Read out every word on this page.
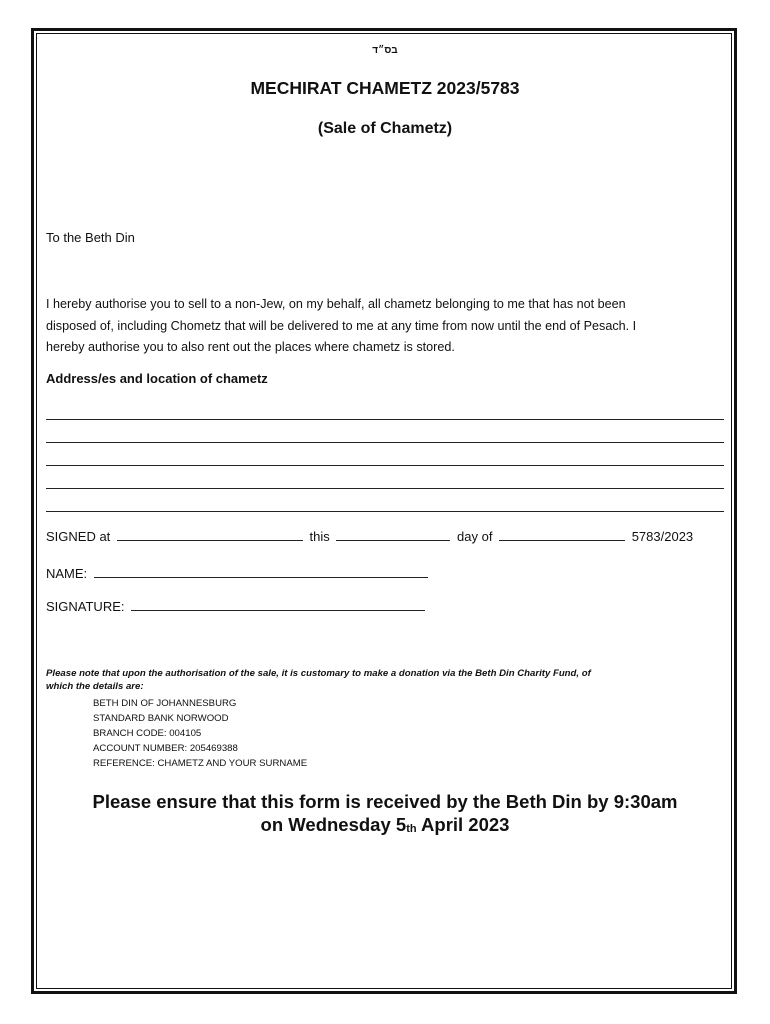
בס״ד
MECHIRAT CHAMETZ 2023/5783
(Sale of Chametz)
To the Beth Din
I hereby authorise you to sell to a non-Jew, on my behalf, all chametz belonging to me that has not been
disposed of, including Chometz that will be delivered to me at any time from now until the end of Pesach. I
hereby authorise you to also rent out the places where chametz is stored.
Address/es and location of chametz
SIGNED at	this	day of	5783/2023
NAME:
SIGNATURE:
Please note that upon the authorisation of the sale, it is customary to make a donation via the Beth Din Charity Fund, of
which the details are:
BETH DIN OF JOHANNESBURG
STANDARD BANK NORWOOD
BRANCH CODE: 004105
ACCOUNT NUMBER: 205469388
REFERENCE: CHAMETZ AND YOUR SURNAME
Please ensure that this form is received by the Beth Din by 9:30am
on Wednesday $5_{th}$ April 2023
